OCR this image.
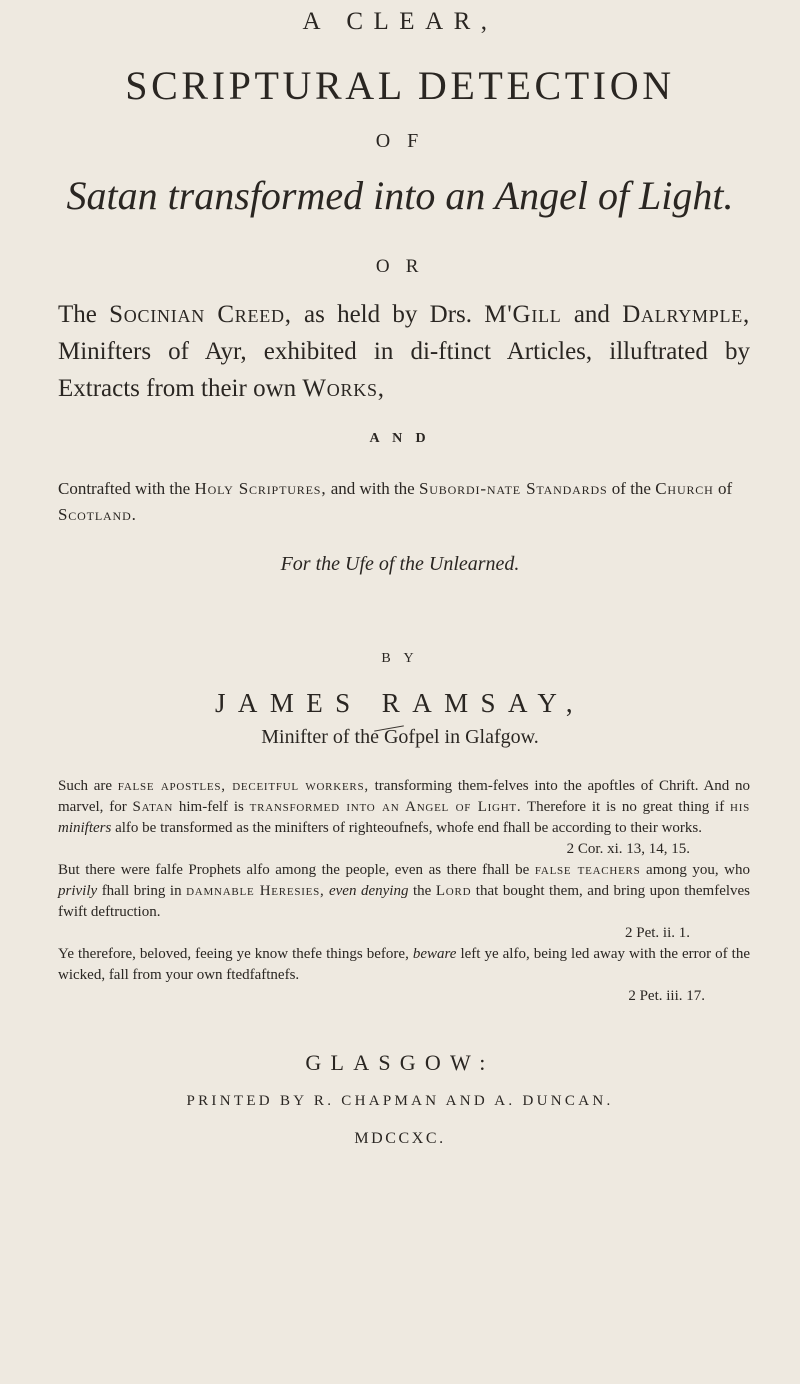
A CLEAR,
SCRIPTURAL DETECTION
O F
Satan transformed into an Angel of Light.
O R
The Socinian Creed, as held by Drs. M'Gill and Dalrymple, Minifters of Ayr, exhibited in di-ftinct Articles, illuftrated by Extracts from their own Works,
A N D
Contrafted with the Holy Scriptures, and with the Subordi-nate Standards of the Church of Scotland.
For the Ufe of the Unlearned.
B Y
JAMES RAMSAY,
Minifter of the Gofpel in Glafgow.
Such are false apostles, deceitful workers, transforming them-felves into the apoftles of Chrift. And no marvel, for Satan him-felf is transformed into an Angel of Light. Therefore it is no great thing if his minifters alfo be transformed as the minifters of righteoufnefs, whofe end fhall be according to their works.
2 Cor. xi. 13, 14, 15.
But there were falfe Prophets alfo among the people, even as there fhall be false teachers among you, who privily fhall bring in damnable Heresies, even denying the Lord that bought them, and bring upon themfelves fwift deftruction.
2 Pet. ii. 1.
Ye therefore, beloved, feeing ye know thefe things before, beware left ye alfo, being led away with the error of the wicked, fall from your own ftedfaftnefs.
2 Pet. iii. 17.
GLASGOW:
PRINTED BY R. CHAPMAN AND A. DUNCAN.
MDCCXC.
